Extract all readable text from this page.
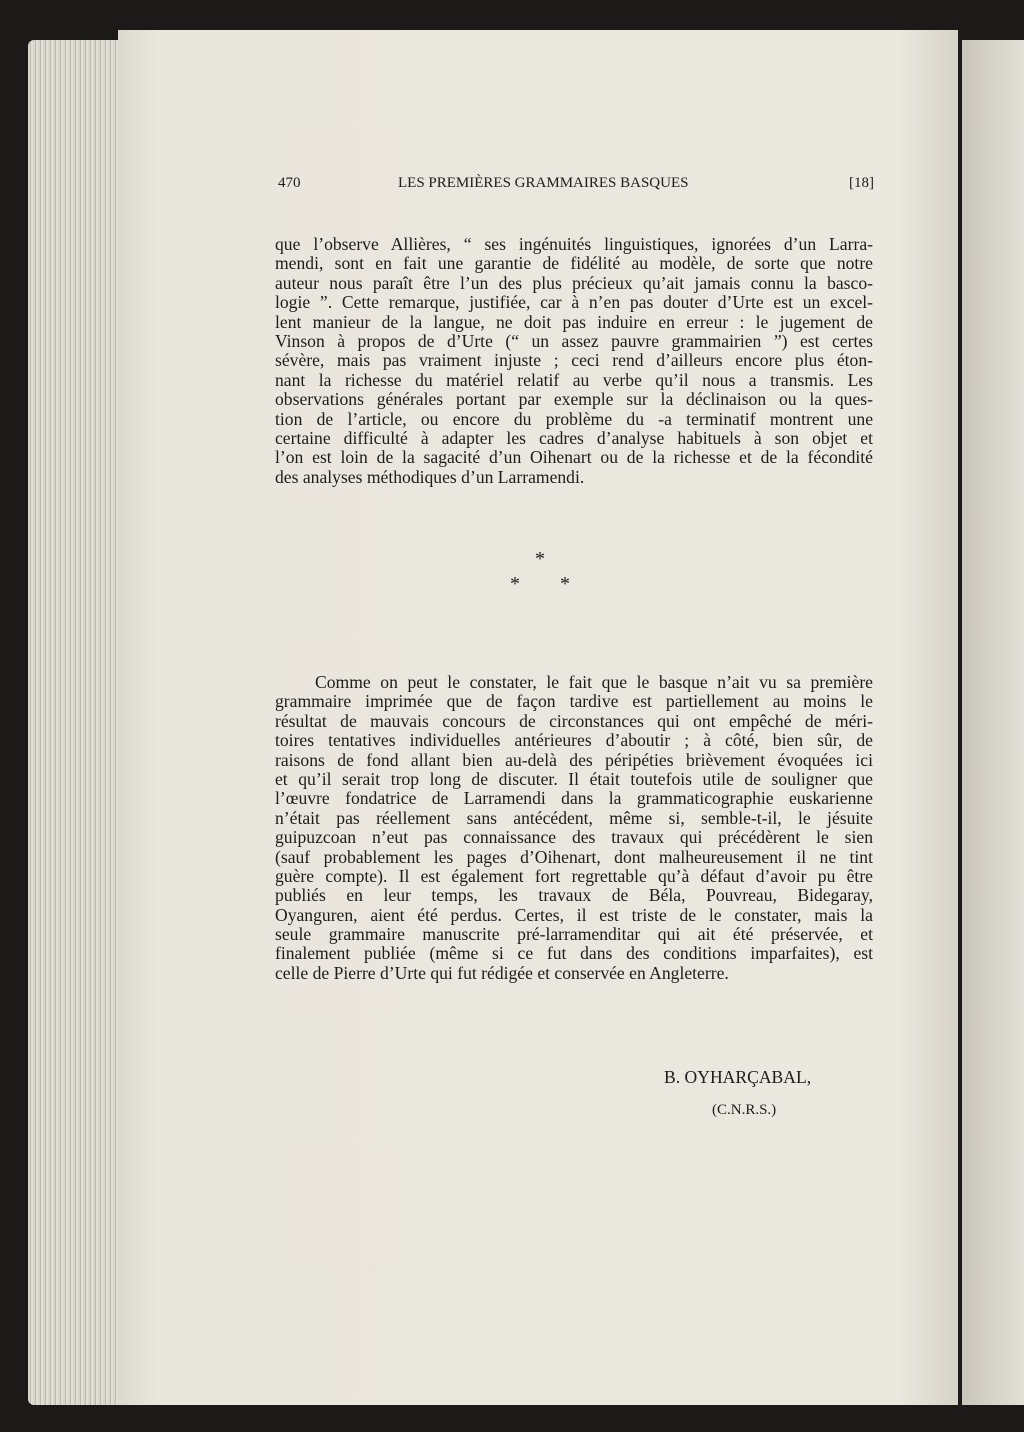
470	LES PREMIÈRES GRAMMAIRES BASQUES	[18]
que l’observe Allières, “ ses ingénuités linguistiques, ignorées d’un Larra-
mendi, sont en fait une garantie de fidélité au modèle, de sorte que notre
auteur nous paraît être l’un des plus précieux qu’ait jamais connu la basco-
logie ”. Cette remarque, justifiée, car à n’en pas douter d’Urte est un excel-
lent manieur de la langue, ne doit pas induire en erreur : le jugement de
Vinson à propos de d’Urte (“ un assez pauvre grammairien ”) est certes
sévère, mais pas vraiment injuste ; ceci rend d’ailleurs encore plus éton-
nant la richesse du matériel relatif au verbe qu’il nous a transmis. Les
observations générales portant par exemple sur la déclinaison ou la ques-
tion de l’article, ou encore du problème du -a terminatif montrent une
certaine difficulté à adapter les cadres d’analyse habituels à son objet et
l’on est loin de la sagacité d’un Oihenart ou de la richesse et de la fécondité
des analyses méthodiques d’un Larramendi.
*
* *
Comme on peut le constater, le fait que le basque n’ait vu sa première
grammaire imprimée que de façon tardive est partiellement au moins le
résultat de mauvais concours de circonstances qui ont empêché de méri-
toires tentatives individuelles antérieures d’aboutir ; à côté, bien sûr, de
raisons de fond allant bien au-delà des péripéties brièvement évoquées ici
et qu’il serait trop long de discuter. Il était toutefois utile de souligner que
l’œuvre fondatrice de Larramendi dans la grammaticographie euskarienne
n’était pas réellement sans antécédent, même si, semble-t-il, le jésuite
guipuzcoan n’eut pas connaissance des travaux qui précédèrent le sien
(sauf probablement les pages d’Oihenart, dont malheureusement il ne tint
guère compte). Il est également fort regrettable qu’à défaut d’avoir pu être
publiés en leur temps, les travaux de Béla, Pouvreau, Bidegaray,
Oyanguren, aient été perdus. Certes, il est triste de le constater, mais la
seule grammaire manuscrite pré-larramenditar qui ait été préservée, et
finalement publiée (même si ce fut dans des conditions imparfaites), est
celle de Pierre d’Urte qui fut rédigée et conservée en Angleterre.
B. OYHARÇABAL,
(C.N.R.S.)
